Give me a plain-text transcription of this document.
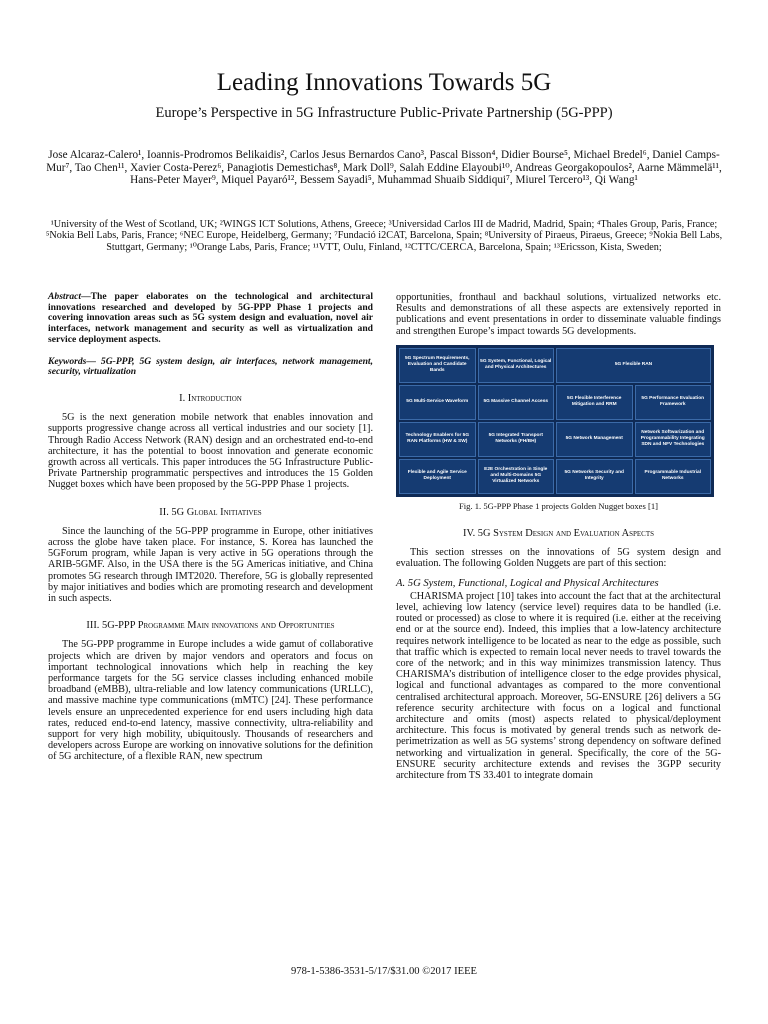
Leading Innovations Towards 5G
Europe’s Perspective in 5G Infrastructure Public-Private Partnership (5G-PPP)
Jose Alcaraz-Calero¹, Ioannis-Prodromos Belikaidis², Carlos Jesus Bernardos Cano³, Pascal Bisson⁴, Didier Bourse⁵, Michael Bredel⁶, Daniel Camps-Mur⁷, Tao Chen¹¹, Xavier Costa-Perez⁶, Panagiotis Demestichas⁸, Mark Doll⁹, Salah Eddine Elayoubi¹⁰, Andreas Georgakopoulos², Aarne Mämmelä¹¹, Hans-Peter Mayer⁹, Miquel Payaró¹², Bessem Sayadi⁵, Muhammad Shuaib Siddiqui⁷, Miurel Tercero¹³, Qi Wang¹
¹University of the West of Scotland, UK; ²WINGS ICT Solutions, Athens, Greece; ³Universidad Carlos III de Madrid, Madrid, Spain; ⁴Thales Group, Paris, France; ⁵Nokia Bell Labs, Paris, France; ⁶NEC Europe, Heidelberg, Germany; ⁷Fundació i2CAT, Barcelona, Spain; ⁸University of Piraeus, Piraeus, Greece; ⁹Nokia Bell Labs, Stuttgart, Germany; ¹⁰Orange Labs, Paris, France; ¹¹VTT, Oulu, Finland, ¹²CTTC/CERCA, Barcelona, Spain; ¹³Ericsson, Kista, Sweden;

Abstract—The paper elaborates on the technological and architectural innovations researched and developed by 5G-PPP Phase 1 projects and covering innovation areas such as 5G system design and evaluation, novel air interfaces, network management and security as well as virtualization and service deployment aspects.

Keywords— 5G-PPP, 5G system design, air interfaces, network management, security, virtualization

I. Introduction

5G is the next generation mobile network that enables innovation and supports progressive change across all vertical industries and our society [1]. Through Radio Access Network (RAN) design and an orchestrated end-to-end architecture, it has the potential to boost innovation and generate economic growth across all verticals. This paper introduces the 5G Infrastructure Public-Private Partnership programmatic perspectives and introduces the 15 Golden Nugget boxes which have been proposed by the 5G-PPP Phase 1 projects.

II. 5G Global Initiatives

Since the launching of the 5G-PPP programme in Europe, other initiatives across the globe have taken place. For instance, S. Korea has launched the 5GForum program, while Japan is very active in 5G operations through the ARIB-5GMF. Also, in the USA there is the 5G Americas initiative, and China promotes 5G research through IMT2020. Therefore, 5G is globally represented by major initiatives and bodies which are promoting research and development in such aspects.

III. 5G-PPP Programme Main innovations and Opportunities

The 5G-PPP programme in Europe includes a wide gamut of collaborative projects which are driven by major vendors and operators and focus on important technological innovations which help in reaching the key performance targets for the 5G service classes including enhanced mobile broadband (eMBB), ultra-reliable and low latency communications (URLLC), and massive machine type communications (mMTC) [24]. These performance levels ensure an unprecedented experience for end users including high data rates, reduced end-to-end latency, massive connectivity, ultra-reliability and support for very high mobility, ubiquitously. Thousands of researchers and developers across Europe are working on innovative solutions for the definition of 5G architecture, of a flexible RAN, new spectrum

opportunities, fronthaul and backhaul solutions, virtualized networks etc. Results and demonstrations of all these aspects are extensively reported in publications and event presentations in order to disseminate valuable findings and strengthen Europe’s impact towards 5G developments.

5G Spectrum Requirements, Evaluation and Candidate Bands
5G System, Functional, Logical and Physical Architectures
5G Flexible RAN
5G Multi-Service Waveform	5G Massive Channel Access
5G Flexible Interference Mitigation and RRM
5G Performance Evaluation Framework
Technology Enablers for 5G RAN Platforms (HW & SW)
5G Integrated Transport Networks (FH/BH)
5G Network Management
Network Softwarization and Programmability Integrating SDN and NFV Technologies
Flexible and Agile Service Deployment
E2E Orchestration in Single and Multi-Domains 5G Virtualized Networks
5G Networks Security and Integrity
Programmable Industrial Networks

Fig. 1. 5G-PPP Phase 1 projects Golden Nugget boxes [1]

IV. 5G System Design and Evaluation Aspects

This section stresses on the innovations of 5G system design and evaluation. The following Golden Nuggets are part of this section:

A. 5G System, Functional, Logical and Physical Architectures

CHARISMA project [10] takes into account the fact that at the architectural level, achieving low latency (service level) requires data to be handled (i.e. routed or processed) as close to where it is required (i.e. either at the receiving end or at the source end). Indeed, this implies that a low-latency architecture requires network intelligence to be located as near to the edge as possible, such that traffic which is expected to remain local never needs to travel towards the core of the network; and in this way minimizes transmission latency. Thus CHARISMA’s distribution of intelligence closer to the edge provides physical, logical and functional advantages as compared to the more conventional centralised architectural approach. Moreover, 5G-ENSURE [26] delivers a 5G reference security architecture with focus on a logical and functional architecture and omits (most) aspects related to physical/deployment architecture. This focus is motivated by general trends such as network de-perimetrization as well as 5G systems’ strong dependency on software defined networking and virtualization in general. Specifically, the core of the 5G-ENSURE security architecture extends and revises the 3GPP security architecture from TS 33.401 to integrate domain

978-1-5386-3531-5/17/$31.00 ©2017 IEEE
